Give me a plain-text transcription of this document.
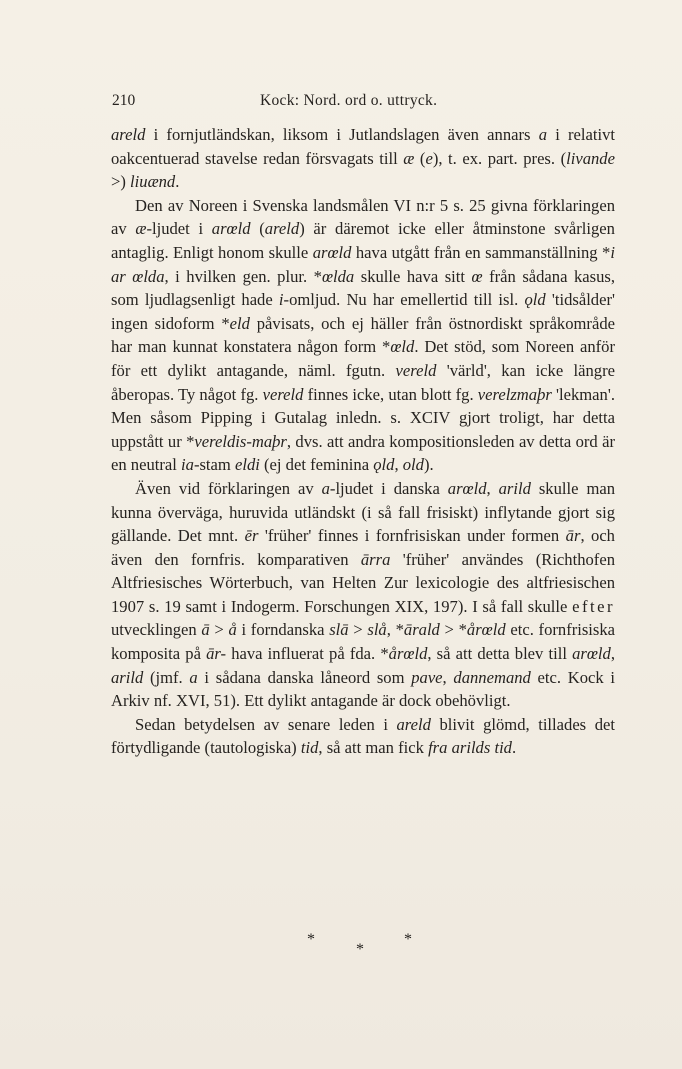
210	Kock: Nord. ord o. uttryck.

areld i fornjutländskan, liksom i Jutlandslagen även annars a i relativt oakcentuerad stavelse redan försvagats till æ (e), t. ex. part. pres. (livande >) liuænd.

Den av Noreen i Svenska landsmålen VI n:r 5 s. 25 givna förklaringen av æ-ljudet i arœld (areld) är däremot icke eller åtminstone svårligen antaglig. Enligt honom skulle arœld hava utgått från en sammanställning *i ar œlda, i hvilken gen. plur. *œlda skulle hava sitt œ från sådana kasus, som ljudlagsenligt hade i-omljud. Nu har emellertid till isl. ǫld 'tidsålder' ingen sidoform *eld påvisats, och ej häller från östnordiskt språkområde har man kunnat konstatera någon form *œld. Det stöd, som Noreen anför för ett dylikt antagande, näml. fgutn. vereld 'värld', kan icke längre åberopas. Ty något fg. vereld finnes icke, utan blott fg. verelzmaþr 'lekman'. Men såsom Pipping i Gutalag inledn. s. XCIV gjort troligt, har detta uppstått ur *vereldis-maþr, dvs. att andra kompositionsleden av detta ord är en neutral ia-stam eldi (ej det feminina ǫld, old).

Även vid förklaringen av a-ljudet i danska arœld, arild skulle man kunna överväga, huruvida utländskt (i så fall frisiskt) inflytande gjort sig gällande. Det mnt. ēr 'früher' finnes i fornfrisiskan under formen ār, och även den fornfris. komparativen ārra 'früher' användes (Richthofen Altfriesisches Wörterbuch, van Helten Zur lexicologie des altfriesischen 1907 s. 19 samt i Indogerm. Forschungen XIX, 197). I så fall skulle efter utvecklingen ā > å i forndanska slā > slå, *ārald > *årœld etc. fornfrisiska komposita på ār- hava influerat på fda. *årœld, så att detta blev till arœld, arild (jmf. a i sådana danska låneord som pave, dannemand etc. Kock i Arkiv nf. XVI, 51). Ett dylikt antagande är dock obehövligt.

Sedan betydelsen av senare leden i areld blivit glömd, tillades det förtydligande (tautologiska) tid, så att man fick fra arilds tid.

*	*
*
